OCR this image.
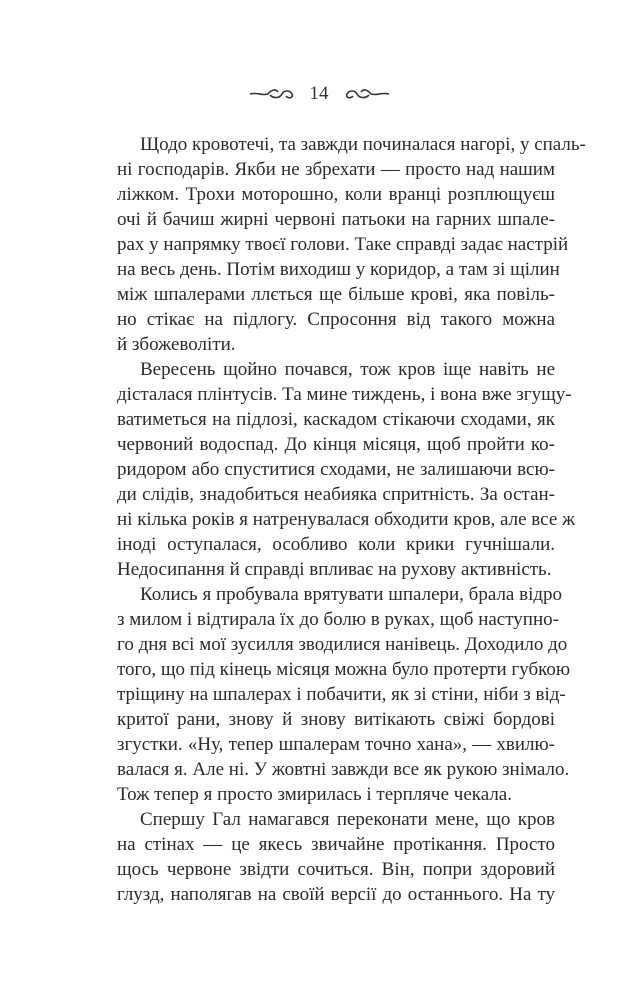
14
Щодо кровотечі, та завжди починалася нагорі, у спаль-
ні господарів. Якби не збрехати — просто над нашим
ліжком. Трохи моторошно, коли вранці розплющуєш
очі й бачиш жирні червоні патьоки на гарних шпале-
рах у напрямку твоєї голови. Таке справді задає настрій
на весь день. Потім виходиш у коридор, а там зі щілин
між шпалерами ллється ще більше крові, яка повіль-
но стікає на підлогу. Спросоння від такого можна
й збожеволіти.
Вересень щойно почався, тож кров іще навіть не
дісталася плінтусів. Та мине тиждень, і вона вже згущу-
ватиметься на підлозі, каскадом стікаючи сходами, як
червоний водоспад. До кінця місяця, щоб пройти ко-
ридором або спуститися сходами, не залишаючи всю-
ди слідів, знадобиться неабияка спритність. За остан-
ні кілька років я натренувалася обходити кров, але все ж
іноді оступалася, особливо коли крики гучнішали.
Недосипання й справді впливає на рухову активність.
Колись я пробувала врятувати шпалери, брала відро
з милом і відтирала їх до болю в руках, щоб наступно-
го дня всі мої зусилля зводилися нанівець. Доходило до
того, що під кінець місяця можна було протерти губкою
тріщину на шпалерах і побачити, як зі стіни, ніби з від-
критої рани, знову й знову витікають свіжі бордові
згустки. «Ну, тепер шпалерам точно хана», — хвилю-
валася я. Але ні. У жовтні завжди все як рукою знімало.
Тож тепер я просто змирилась і терпляче чекала.
Спершу Гал намагався переконати мене, що кров
на стінах — це якесь звичайне протікання. Просто
щось червоне звідти сочиться. Він, попри здоровий
глузд, наполягав на своїй версії до останнього. На ту
